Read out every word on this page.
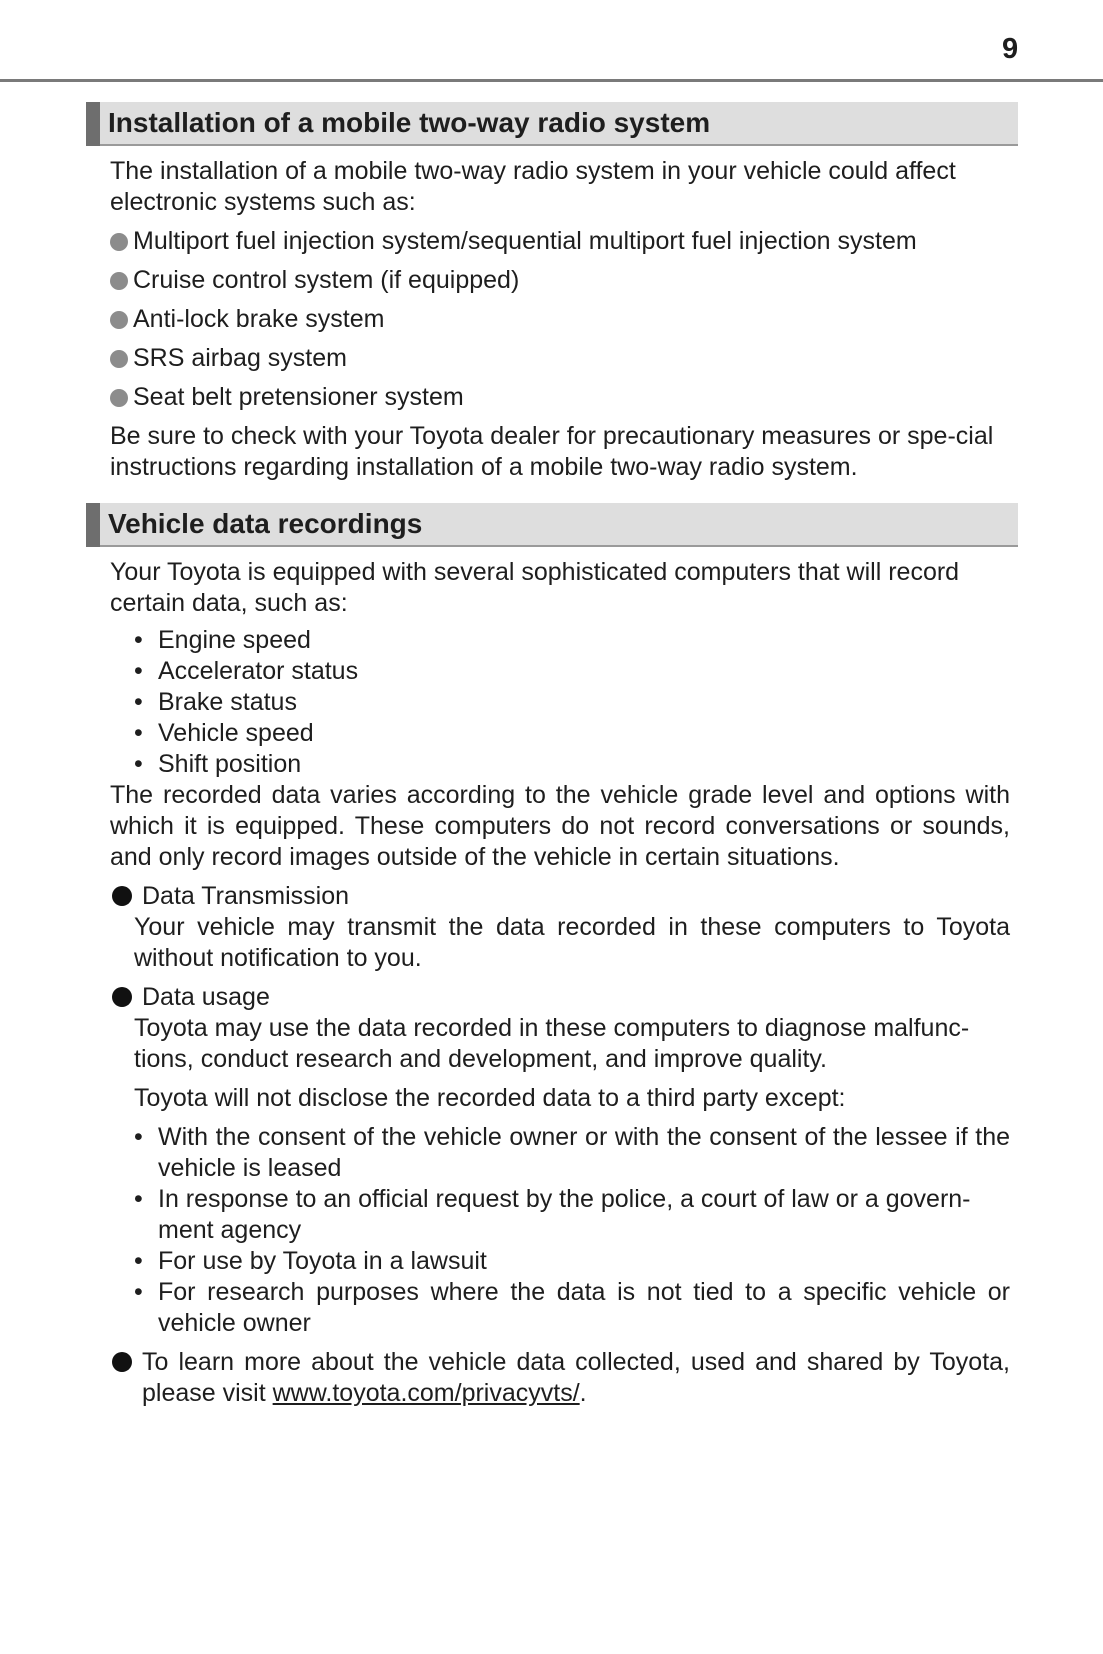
9
Installation of a mobile two-way radio system

The installation of a mobile two-way radio system in your vehicle could affect electronic systems such as:

Multiport fuel injection system/sequential multiport fuel injection system
Cruise control system (if equipped)
Anti-lock brake system
SRS airbag system
Seat belt pretensioner system

Be sure to check with your Toyota dealer for precautionary measures or spe-cial instructions regarding installation of a mobile two-way radio system.

Vehicle data recordings

Your Toyota is equipped with several sophisticated computers that will record certain data, such as:

• Engine speed
• Accelerator status
• Brake status
• Vehicle speed
• Shift position

The recorded data varies according to the vehicle grade level and options with which it is equipped. These computers do not record conversations or sounds, and only record images outside of the vehicle in certain situations.

Data Transmission

Your vehicle may transmit the data recorded in these computers to Toyota without notification to you.

Data usage

Toyota may use the data recorded in these computers to diagnose malfunc-tions, conduct research and development, and improve quality.

Toyota will not disclose the recorded data to a third party except:

• With the consent of the vehicle owner or with the consent of the lessee if the vehicle is leased
• In response to an official request by the police, a court of law or a govern-ment agency
• For use by Toyota in a lawsuit
• For research purposes where the data is not tied to a specific vehicle or vehicle owner
To learn more about the vehicle data collected, used and shared by Toyota, please visit www.toyota.com/privacyvts/.
